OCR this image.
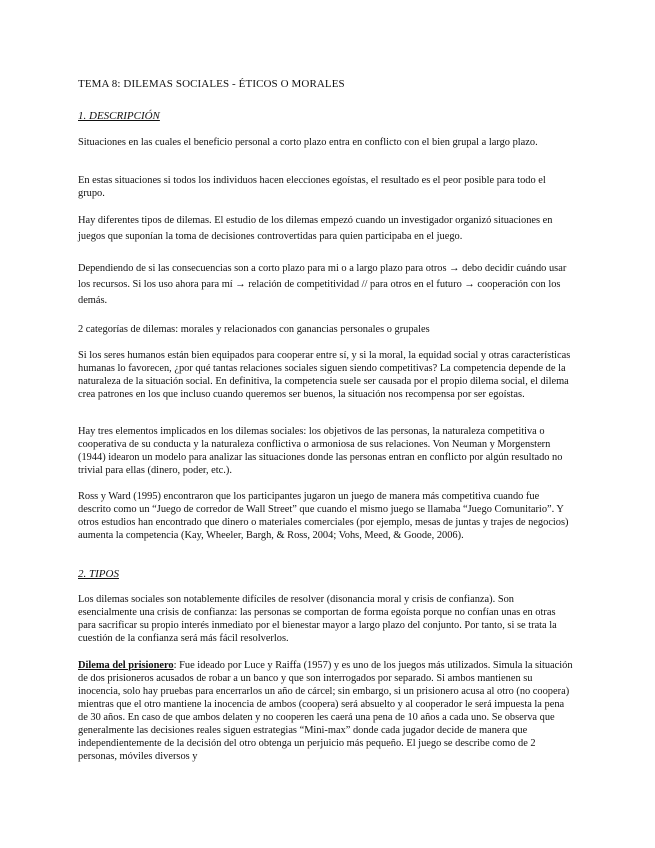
TEMA 8: DILEMAS SOCIALES - ÉTICOS O MORALES
1. DESCRIPCIÓN

Situaciones en las cuales el beneficio personal a corto plazo entra en conflicto con el bien grupal a largo plazo.

En estas situaciones si todos los individuos hacen elecciones egoístas, el resultado es el peor posible para todo el grupo.

Hay diferentes tipos de dilemas. El estudio de los dilemas empezó cuando un investigador organizó situaciones en juegos que suponían la toma de decisiones controvertidas para quien participaba en el juego.

Dependiendo de si las consecuencias son a corto plazo para mi o a largo plazo para otros → debo decidir cuándo usar los recursos. Si los uso ahora para mí → relación de competitividad // para otros en el futuro → cooperación con los demás.

2 categorías de dilemas: morales y relacionados con ganancias personales o grupales

Si los seres humanos están bien equipados para cooperar entre sí, y si la moral, la equidad social y otras características humanas lo favorecen, ¿por qué tantas relaciones sociales siguen siendo competitivas? La competencia depende de la naturaleza de la situación social. En definitiva, la competencia suele ser causada por el propio dilema social, el dilema crea patrones en los que incluso cuando queremos ser buenos, la situación nos recompensa por ser egoístas.

Hay tres elementos implicados en los dilemas sociales: los objetivos de las personas, la naturaleza competitiva o cooperativa de su conducta y la naturaleza conflictiva o armoniosa de sus relaciones. Von Neuman y Morgenstern (1944) idearon un modelo para analizar las situaciones donde las personas entran en conflicto por algún resultado no trivial para ellas (dinero, poder, etc.).

Ross y Ward (1995) encontraron que los participantes jugaron un juego de manera más competitiva cuando fue descrito como un “Juego de corredor de Wall Street” que cuando el mismo juego se llamaba “Juego Comunitario”. Y otros estudios han encontrado que dinero o materiales comerciales (por ejemplo, mesas de juntas y trajes de negocios) aumenta la competencia (Kay, Wheeler, Bargh, & Ross, 2004; Vohs, Meed, & Goode, 2006).

2. TIPOS

Los dilemas sociales son notablemente difíciles de resolver (disonancia moral y crisis de confianza). Son esencialmente una crisis de confianza: las personas se comportan de forma egoísta porque no confían unas en otras para sacrificar su propio interés inmediato por el bienestar mayor a largo plazo del conjunto. Por tanto, si se trata la cuestión de la confianza será más fácil resolverlos.

Dilema del prisionero: Fue ideado por Luce y Raiffa (1957) y es uno de los juegos más utilizados. Simula la situación de dos prisioneros acusados de robar a un banco y que son interrogados por separado. Si ambos mantienen su inocencia, solo hay pruebas para encerrarlos un año de cárcel; sin embargo, si un prisionero acusa al otro (no coopera) mientras que el otro mantiene la inocencia de ambos (coopera) será absuelto y al cooperador le será impuesta la pena de 30 años. En caso de que ambos delaten y no cooperen les caerá una pena de 10 años a cada uno. Se observa que generalmente las decisiones reales siguen estrategias “Mini-max” donde cada jugador decide de manera que independientemente de la decisión del otro obtenga un perjuicio más pequeño. El juego se describe como de 2 personas, móviles diversos y
